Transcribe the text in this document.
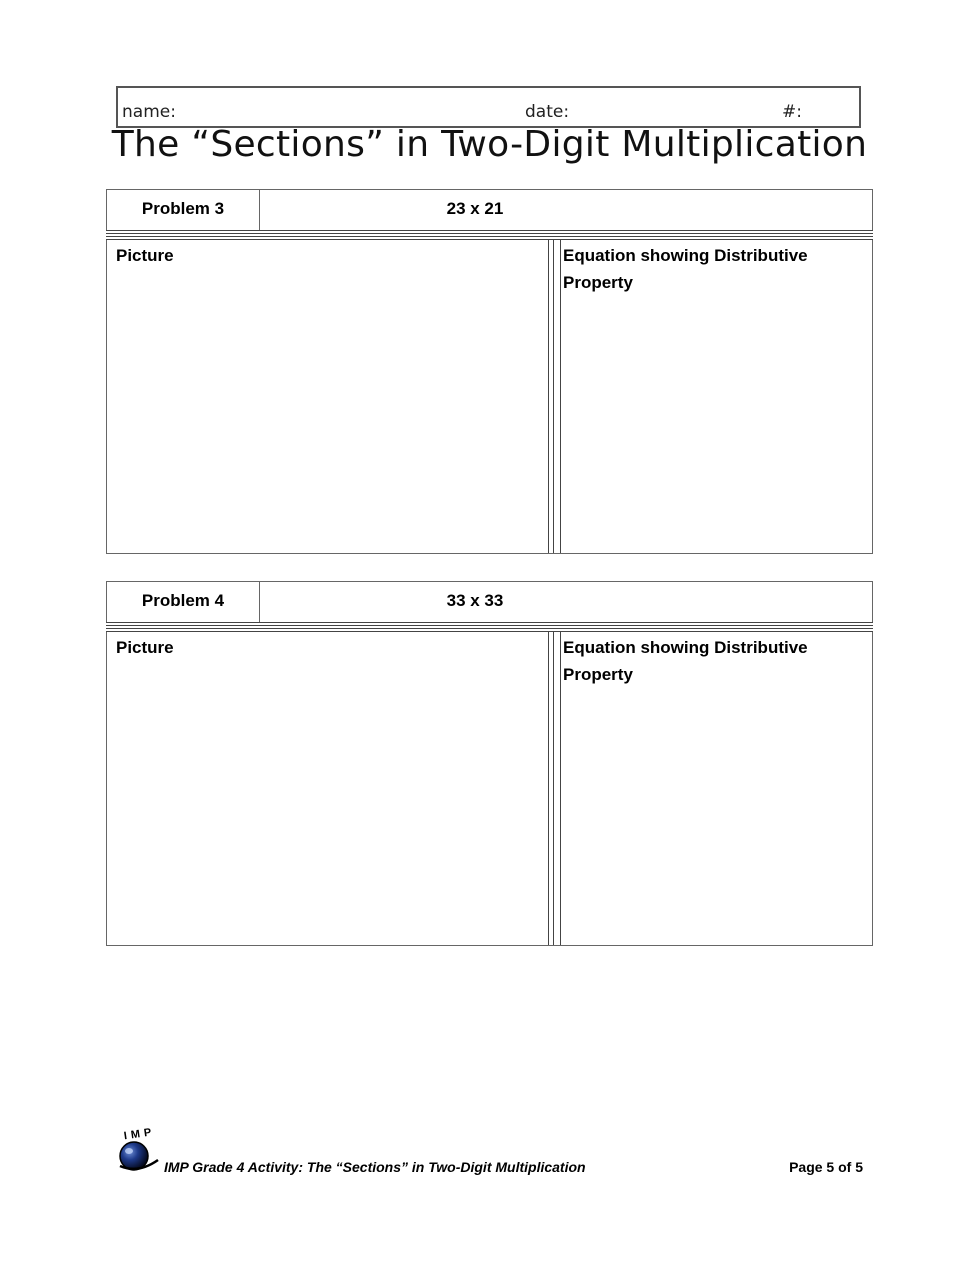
name:	date:	#:
The “Sections” in Two-Digit Multiplication
Problem 3	23 x 21
Picture	Equation showing Distributive Property
Problem 4	33 x 33
Picture	Equation showing Distributive Property
IMP
IMP Grade 4 Activity: The “Sections” in Two-Digit Multiplication	Page 5 of 5
